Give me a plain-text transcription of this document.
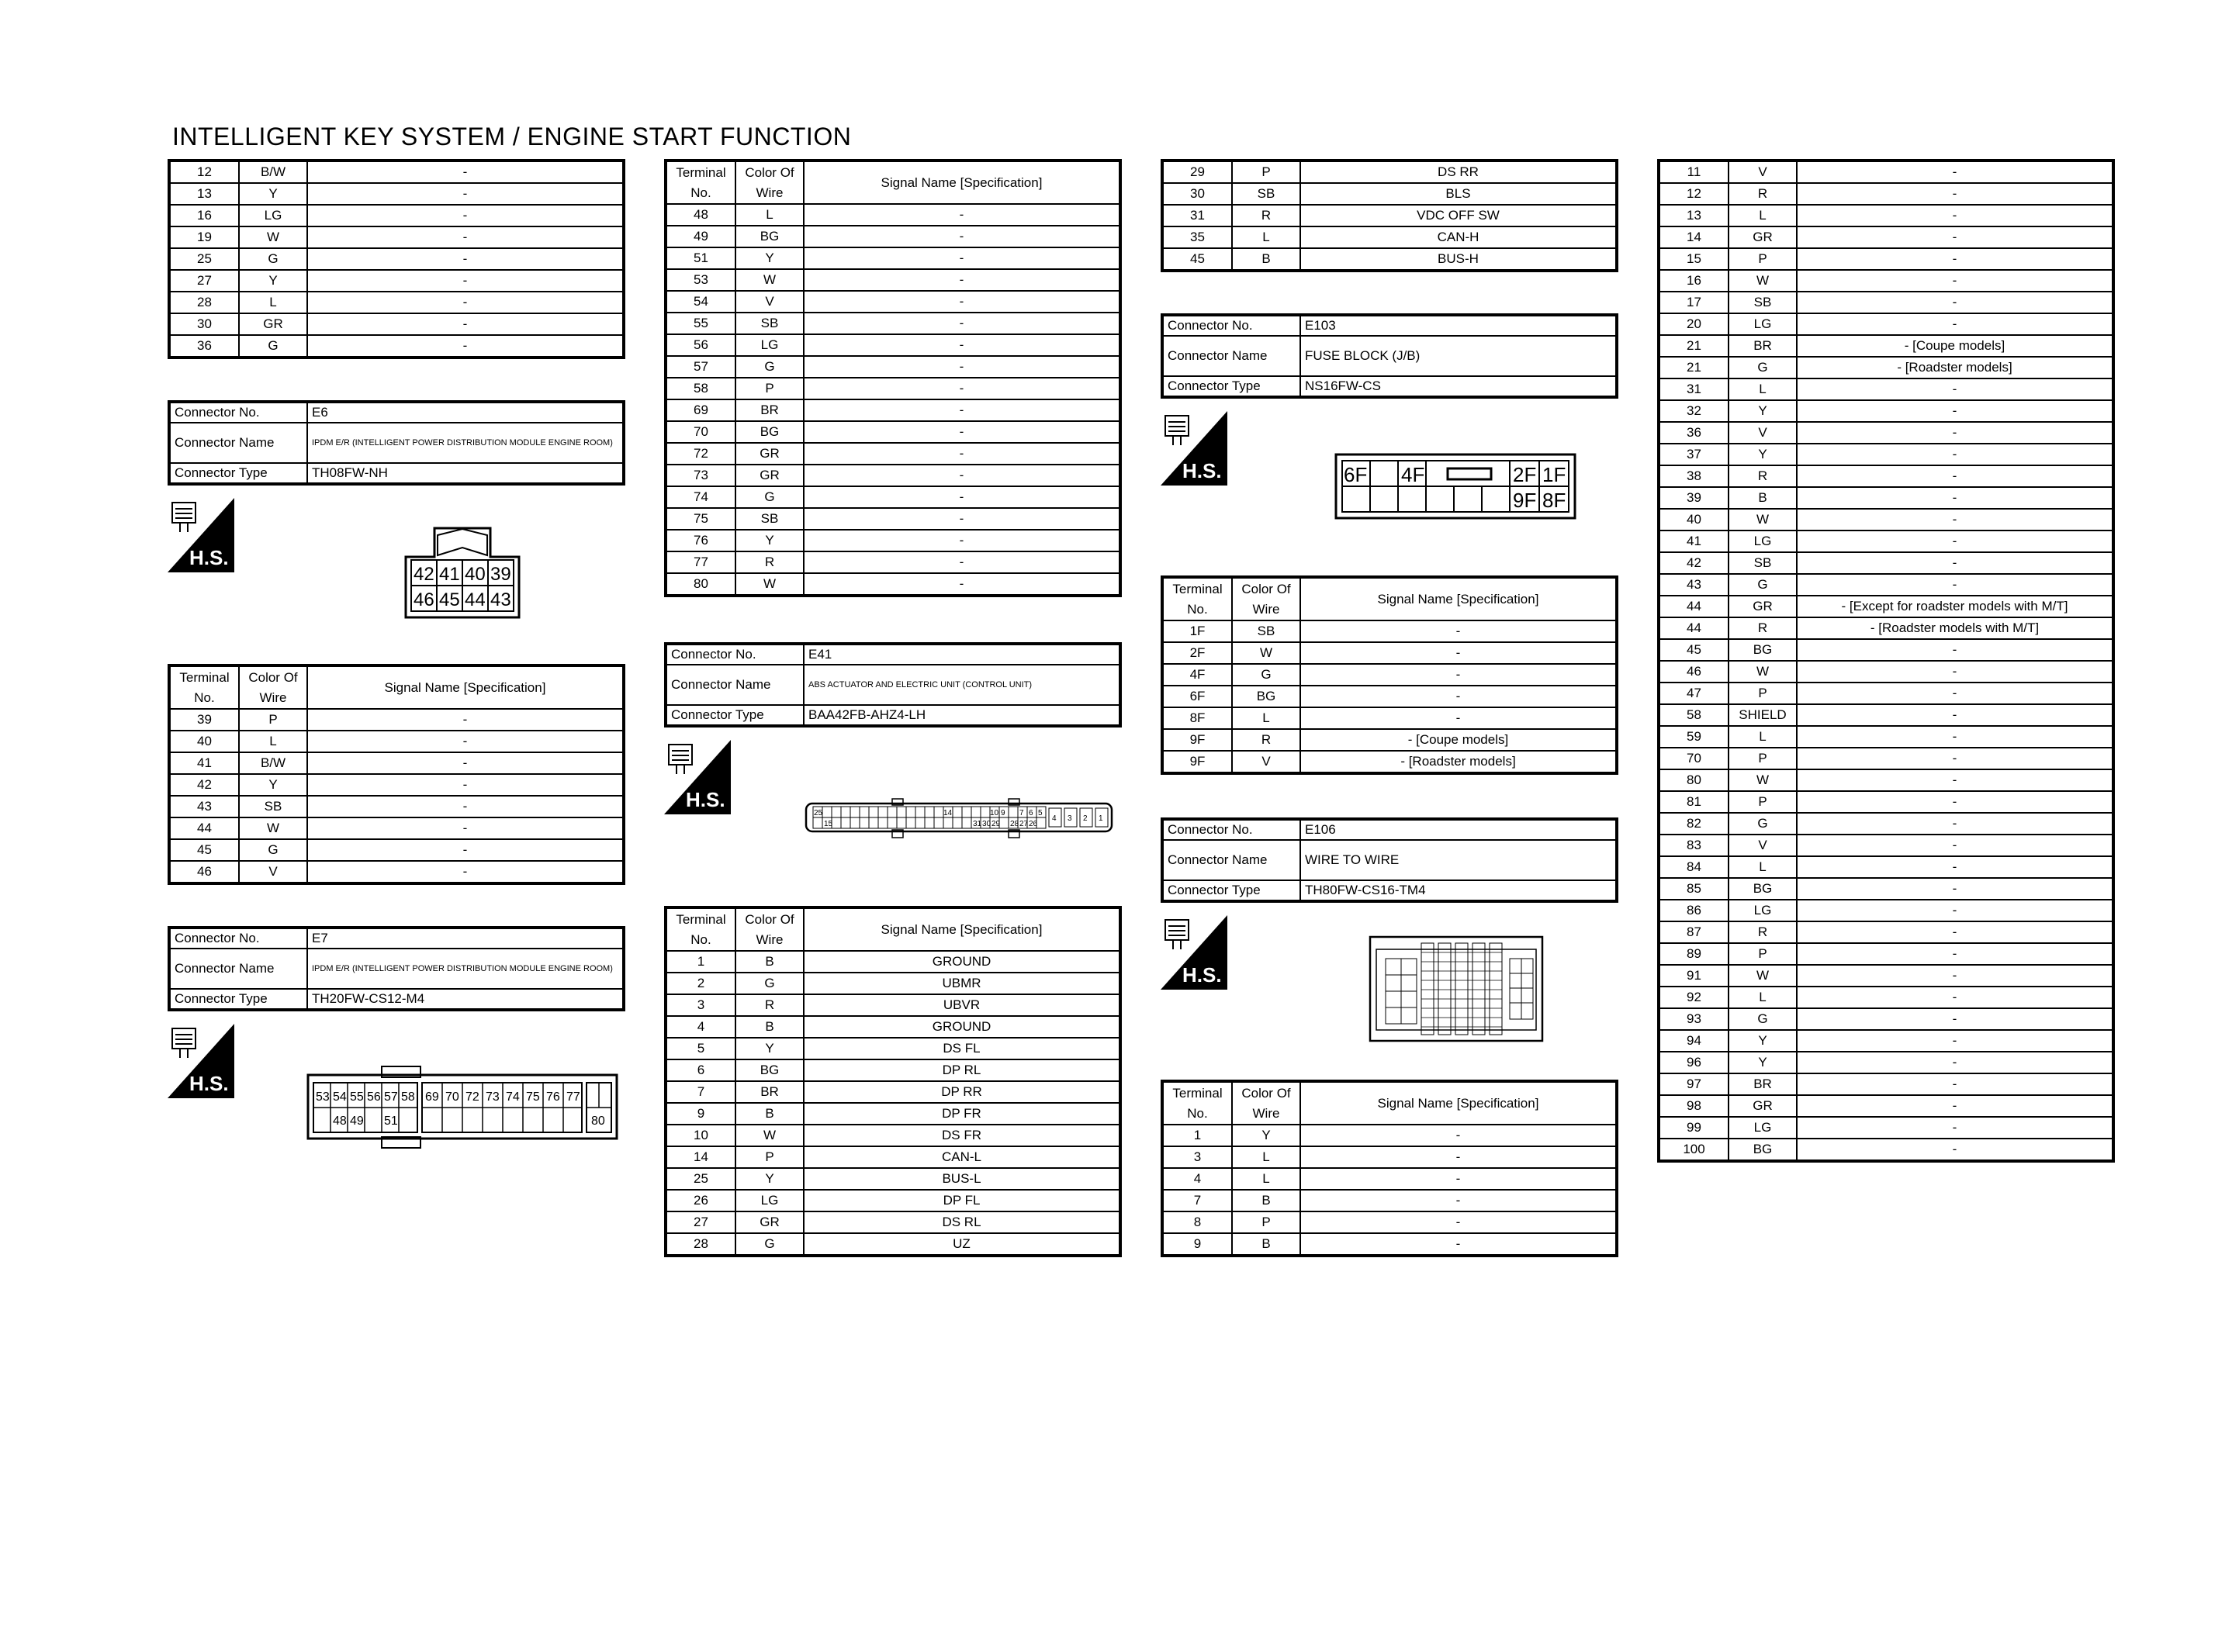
INTELLIGENT KEY SYSTEM / ENGINE START FUNCTION
12	B/W	-
13	Y	-
16	LG	-
19	W	-
25	G	-
27	Y	-
28	L	-
30	GR	-
36	G	-
Connector No.	E6
Connector Name	IPDM E/R (INTELLIGENT POWER DISTRIBUTION MODULE ENGINE ROOM)
Connector Type	TH08FW-NH
H.S.
42 41 40 39
46 45 44 43
Terminal No.	Color Of Wire	Signal Name [Specification]
39	P	-
40	L	-
41	B/W	-
42	Y	-
43	SB	-
44	W	-
45	G	-
46	V	-
Connector No.	E7
Connector Name	IPDM E/R (INTELLIGENT POWER DISTRIBUTION MODULE ENGINE ROOM)
Connector Type	TH20FW-CS12-M4
H.S.
53 54 55 56 57 58
48 49 51
69 70 72 73 74 75 76 77
80
Terminal No.	Color Of Wire	Signal Name [Specification]
48	L	-
49	BG	-
51	Y	-
53	W	-
54	V	-
55	SB	-
56	LG	-
57	G	-
58	P	-
69	BR	-
70	BG	-
72	GR	-
73	GR	-
74	G	-
75	SB	-
76	Y	-
77	R	-
80	W	-
Connector No.	E41
Connector Name	ABS ACTUATOR AND ELECTRIC UNIT (CONTROL UNIT)
Connector Type	BAA42FB-AHZ4-LH
H.S.
25	14	10 9 7 6 5
4 3 2 1
15	31 30 29 28 27 26
Terminal No.	Color Of Wire	Signal Name [Specification]
1	B	GROUND
2	G	UBMR
3	R	UBVR
4	B	GROUND
5	Y	DS FL
6	BG	DP RL
7	BR	DP RR
9	B	DP FR
10	W	DS FR
14	P	CAN-L
25	Y	BUS-L
26	LG	DP FL
27	GR	DS RL
28	G	UZ
29	P	DS RR
30	SB	BLS
31	R	VDC OFF SW
35	L	CAN-H
45	B	BUS-H
Connector No.	E103
Connector Name	FUSE BLOCK (J/B)
Connector Type	NS16FW-CS
H.S.	6F 4F	2F 1F
9F 8F
Terminal No.	Color Of Wire	Signal Name [Specification]
1F	SB	-
2F	W	-
4F	G	-
6F	BG	-
8F	L	-
9F	R	- [Coupe models]
9F	V	- [Roadster models]
Connector No.	E106
Connector Name	WIRE TO WIRE
Connector Type	TH80FW-CS16-TM4
H.S.
Terminal No.	Color Of Wire	Signal Name [Specification]
1	Y	-
3	L	-
4	L	-
7	B	-
8	P	-
9	B	-
11	V	-
12	R	-
13	L	-
14	GR	-
15	P	-
16	W	-
17	SB	-
20	LG	-
21	BR	- [Coupe models]
21	G	- [Roadster models]
31	L	-
32	Y	-
36	V	-
37	Y	-
38	R	-
39	B	-
40	W	-
41	LG	-
42	SB	-
43	G	-
44	GR	- [Except for roadster models with M/T]
44	R	- [Roadster models with M/T]
45	BG	-
46	W	-
47	P	-
58	SHIELD	-
59	L	-
70	P	-
80	W	-
81	P	-
82	G	-
83	V	-
84	L	-
85	BG	-
86	LG	-
87	R	-
89	P	-
91	W	-
92	L	-
93	G	-
94	Y	-
96	Y	-
97	BR	-
98	GR	-
99	LG	-
100	BG	-
